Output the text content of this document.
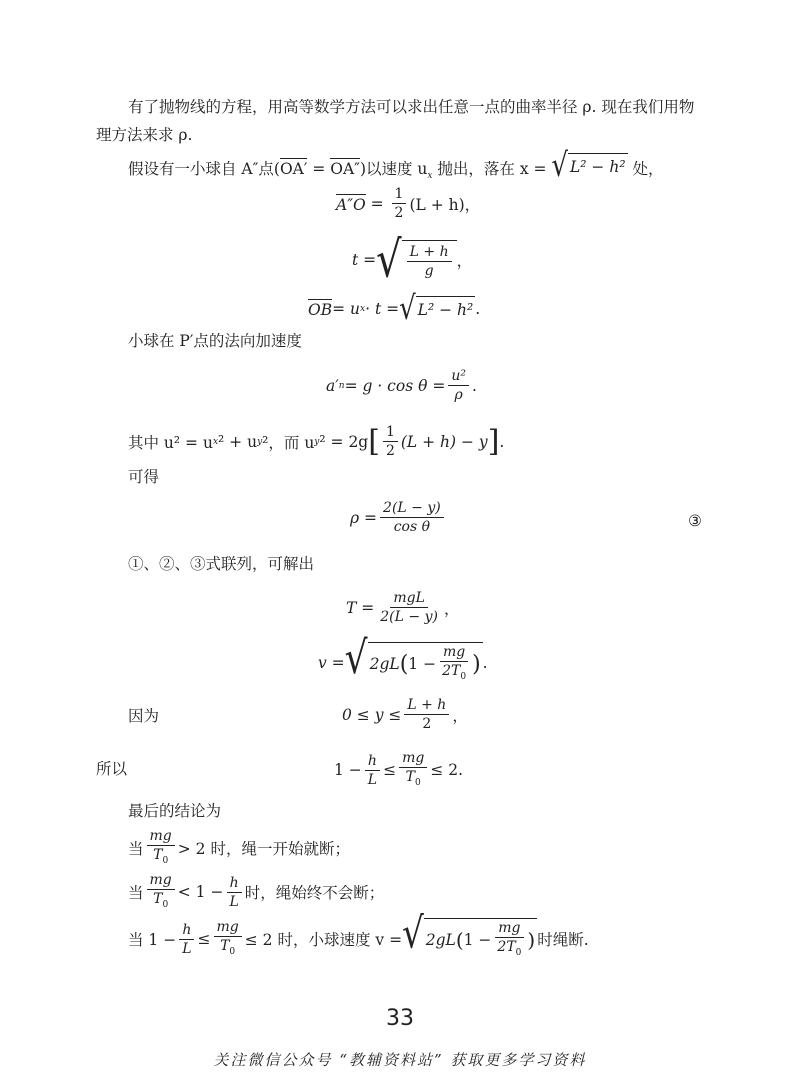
有了抛物线的方程，用高等数学方法可以求出任意一点的曲率半径 ρ. 现在我们用物
理方法来求 ρ.
假设有一小球自 A″点(OA′ = OA″)以速度 $u_x$ 抛出，落在 x = √ L² − h² 处，
$A''O = \frac{1}{2} (L + h)$，
t = √ $\frac{L + h}{g}$ ，
OB = u x · t = √ L² − h² .
小球在 P′点的法向加速度
a′ $n = g \cdot \cos \theta = \frac{\text{u²}}{\rho}$ .
其中 u² = u x ² + u y ²，而 u y ² = 2g [ $\frac{1}{2} (L + h) - y$ ] .
可得
$\rho = \frac{2(L - y)}{\text{cos θ}}$	③
①、②、③式联列，可解出
$T = \frac{\text{mgL}}{2(L - y)}$ ，
v = √ 2gL ( $1 - \frac{mg}{2T_0}$ ) .
因为	$0 \le y \le \frac{L + h}{2}$ ，
所以	$1 - \frac{h}{L} \le \frac{mg}{T_0} \le 2$.
最后的结论为
当 $\frac{mg}{T_0} > 2$ 时，绳一开始就断；
当 $\frac{mg}{T_0} < 1 - \frac{h}{L}$ 时，绳始终不会断；
当 $1 - \frac{h}{L} \le \frac{mg}{T_0} \le 2$ 时，小球速度 v = √ 2gL ( $1 - \frac{mg}{2T_0}$ ) 时绳断.
33
关注微信公众号 “教辅资料站” 获取更多学习资料
